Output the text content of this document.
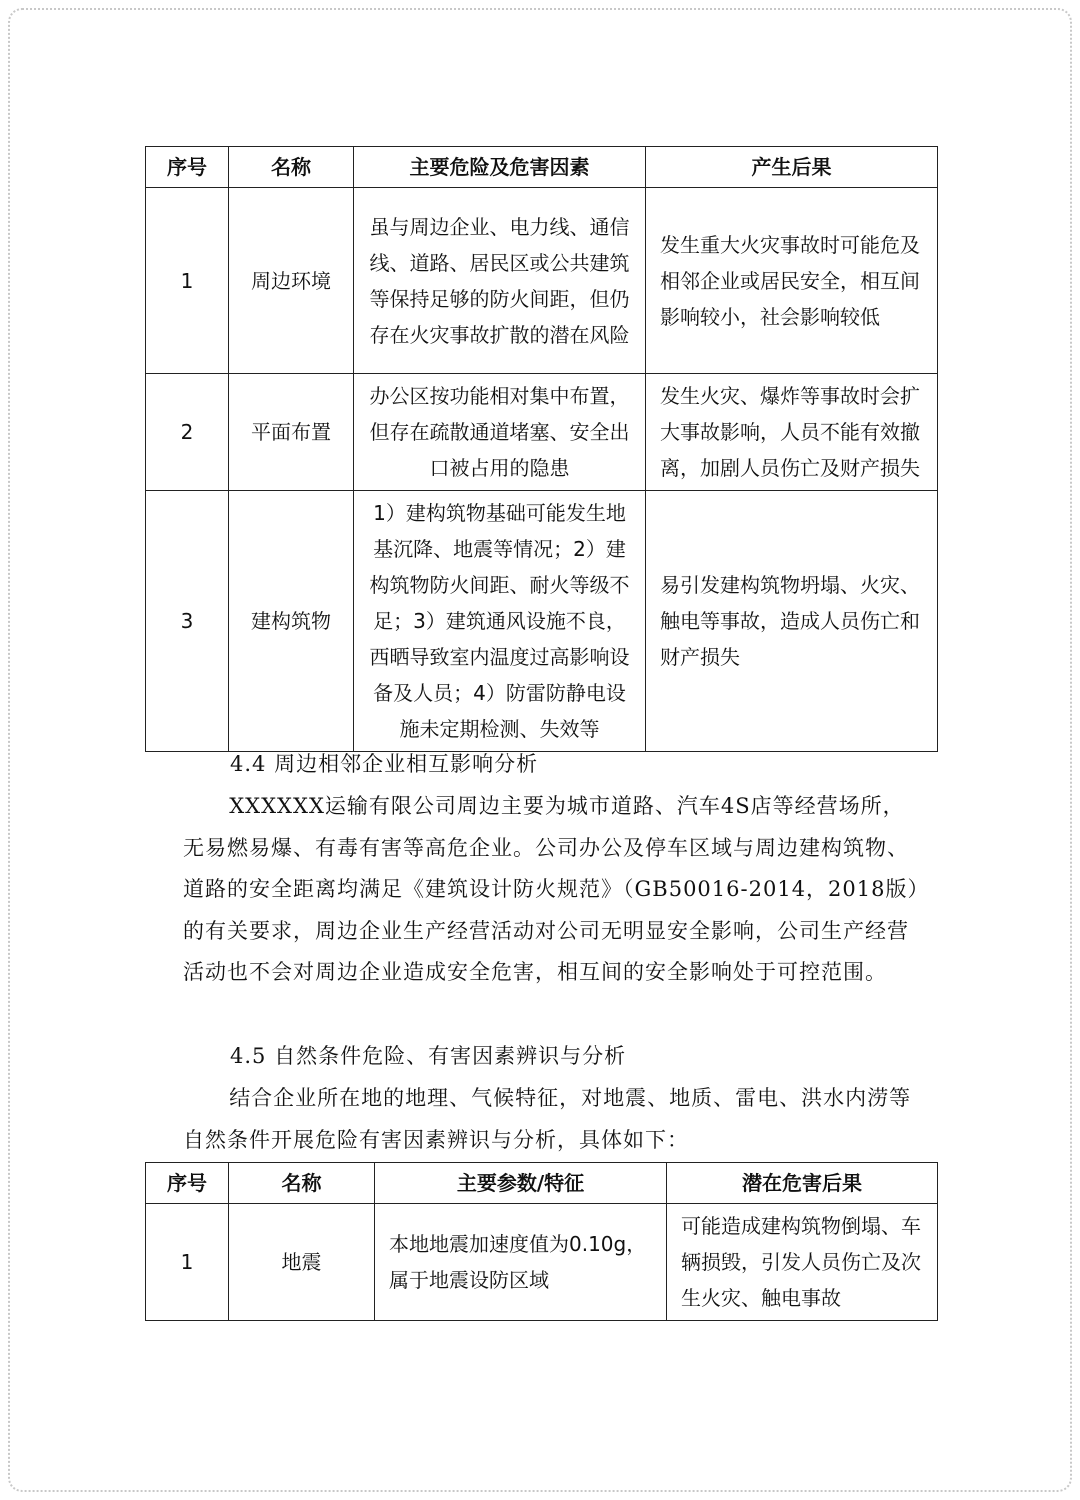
序号	名称	主要危险及危害因素	产生后果
1	周边环境	虽与周边企业、电力线、通信线、道路、居民区或公共建筑等保持足够的防火间距，但仍存在火灾事故扩散的潜在风险	发生重大火灾事故时可能危及相邻企业或居民安全，相互间影响较小，社会影响较低
2	平面布置	办公区按功能相对集中布置，但存在疏散通道堵塞、安全出口被占用的隐患	发生火灾、爆炸等事故时会扩大事故影响，人员不能有效撤离，加剧人员伤亡及财产损失
3	建构筑物	1）建构筑物基础可能发生地基沉降、地震等情况；2）建构筑物防火间距、耐火等级不足；3）建筑通风设施不良，西晒导致室内温度过高影响设备及人员；4）防雷防静电设施未定期检测、失效等	易引发建构筑物坍塌、火灾、触电等事故，造成人员伤亡和财产损失
4.4 周边相邻企业相互影响分析
XXXXXX运输有限公司周边主要为城市道路、汽车4S店等经营场所，无易燃易爆、有毒有害等高危企业。公司办公及停车区域与周边建构筑物、道路的安全距离均满足《建筑设计防火规范》（GB50016-2014，2018版）的有关要求，周边企业生产经营活动对公司无明显安全影响，公司生产经营活动也不会对周边企业造成安全危害，相互间的安全影响处于可控范围。
4.5 自然条件危险、有害因素辨识与分析
结合企业所在地的地理、气候特征，对地震、地质、雷电、洪水内涝等自然条件开展危险有害因素辨识与分析，具体如下：
序号	名称	主要参数/特征	潜在危害后果
1	地震	本地地震加速度值为0.10g，属于地震设防区域	可能造成建构筑物倒塌、车辆损毁，引发人员伤亡及次生火灾、触电事故
